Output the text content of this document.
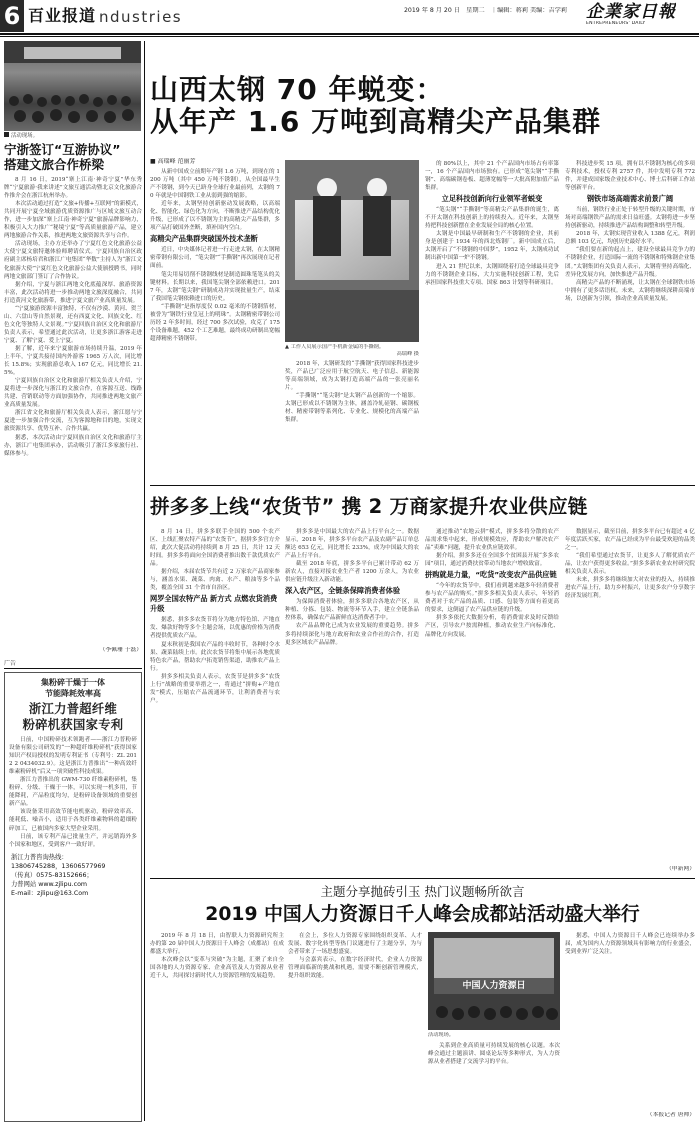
6 百业报道 ndustries	2019 年 8 月 20 日　星期二　｜编辑：蒋莉 美编：吉学莉 企業家日報
ENTREPRENEURS' DAILY
活动现场。
宁浙签订“互游协议”
搭建文旅合作桥梁

8 月 16 日，2019“寨上江南·神奇宁夏”华东秀牌“宁夏旅游·我来讲述”文旅互通活动暨北京文化旅游合作推介会在浙江杭州举办。

本次活动通过打造“文旅+传播+互联网”的新模式，共同开展宁夏全域旅游优质资源推广与区域文旅互动合作，进一步加深“寨上江南·神奇宁夏”旅游品牌影响力，积极引入大力推广“秘境宁夏”等高质量旅游产品，建立两地旅游合作关系，推进两地文旅资源共享与合作。

活动现场，主办方还举办了宁夏红色文化旅游公益大使宁夏文旅特邀体验师聘请仪式。宁夏回族自治区政府副主席杨培君和浙江广电集团“华数”主持人为“浙江文化旅游大使”宁夏红色文化旅游公益大使颁授聘书，同时两地文旅部门签订了合作协议。

据介绍，宁夏与浙江两地文化底蕴深厚、旅游资源丰富，此次活动将进一步推动两地文旅深度融合，共同打造黄河文化旅游带，推进宁夏文旅产业高质量发展。

“宁夏旅游资源丰富独特，不仅有沙漠、黄河、贺兰山、六盘山等自然景观，还有西夏文化、回族文化、红色文化等独特人文景观。”宁夏回族自治区文化和旅游厅负责人表示，希望通过此次活动，让更多浙江游客走进宁夏、了解宁夏、爱上宁夏。

据了解，近年来宁夏旅游市场持续升温，2019 年上半年，宁夏共接待国内外游客 1965 万人次，同比增长 15.8%；实现旅游总收入 167 亿元，同比增长 21.5%。

宁夏回族自治区文化和旅游厅相关负责人介绍，宁夏将进一步深化与浙江的文旅合作，在客源互送、线路共建、营销联动等方面加强协作，共同推进两地文旅产业高质量发展。

浙江省文化和旅游厅相关负责人表示，浙江愿与宁夏进一步加强合作交流，互为客源地和目的地，实现文旅资源共享、优势互补、合作共赢。

据悉，本次活动由宁夏回族自治区文化和旅游厅主办，浙江广电集团承办，活动吸引了浙江多家旅行社、媒体参与。

（李佩珊 于磊）
广告
集粉碎干燥于一体
节能降耗效率高
浙江力普超纤维
粉碎机获国家专利

日前，中国粉碎技术领跑者——浙江力普粉碎设备有限公司研发的“一种超纤维粉碎机”获得国家知识产权局授权的发明专利证书（专利号：ZL 2012 2 0434032.9）。这是浙江力普推出“一种高效纤维素粉碎机”后又一项突破性科技成果。

浙江力普推出的 GWM-730 纤维素粉碎机，集粉碎、分级、干燥于一体，可以实现一机多用，节能降耗，产品粒度均匀，是粉碎设备领域的重要创新产品。

该设备采用高效节能电机驱动，粉碎效率高、能耗低、噪音小，适用于各类纤维素物料的超细粉碎加工，已被国内多家大型企业采用。

日前，该专利产品已批量生产，并远销海外多个国家和地区，受到客户一致好评。

浙江力普咨询热线：
13806745288，13606577969
（传真）0575-83152666；
力普网站 www.zjlipu.com
E-mail：zjlipu@163.Com
山西太钢 70 年蜕变：
从年产 1.6 万吨到高精尖产品集群
■ 高瑞峰 范丽芳

从新中国成立前期年产钢 1.6 万吨，到现在的 1200 万吨（其中 450 万吨不锈钢），从全国最早生产不锈钢，到今天已跻身全球行业最前列，太钢的 70 年就是中国钢铁工业从弱到强的缩影。

近年来，太钢坚持创新驱动发展战略，以高端化、智能化、绿色化为方向，不断推进产品结构优化升级，已形成了以不锈钢为主的高精尖产品集群，多项产品打破国外垄断，填补国内空白。

高精尖产品集群突破国外技术垄断

近日，中央媒体记者进一行走进太钢，在太钢精密带钢有限公司，“笔尖钢”“手撕钢”再次展现在记者面前。

笔尖用易切削不锈钢线材是制造圆珠笔笔头的关键材料。长期以来，我国笔尖钢全部依赖进口。2017 年，太钢“笔尖钢”研制成功并实现批量生产，结束了我国笔尖钢依赖进口的历史。

“手撕钢”是指厚度仅 0.02 毫米的不锈钢箔材，被誉为“钢铁行业皇冠上的明珠”。太钢精密带钢公司历经 2 年多时间，经过 700 多次试验，攻克了 175 个设备难题，452 个工艺难题，最终成功研制出宽幅超薄精密不锈钢带。

▲ 工作人员展示国产手机新金属的手撕钢。
高瑞峰 摄

2018 年，太钢研发的“手撕钢”获得国家科技进步奖，产品已广泛应用于航空航天、电子信息、新能源等高端领域，成为太钢打造高端产品的一张亮丽名片。

“手撕钢”“笔尖钢”是太钢产品创新的一个缩影。太钢已形成以不锈钢为主体，涵盖冷轧硅钢、碳钢板材、精密带钢等系列化、专业化、规模化的高端产品集群。

的 80%以上，其中 21 个产品国内市场占有率第一，16 个产品国内市场独有。已形成“笔尖钢”“手撕钢”、高端碳钢卷板、超薄宽幅等一大批高附加值产品集群。

立足科技创新向行业领军者蜕变

“笔尖钢”“手撕钢”等高精尖产品集群的诞生，离不开太钢在科技创新上的持续投入。近年来，太钢坚持把科技创新摆在企业发展全局的核心位置。

太钢是中国最早研制和生产不锈钢的企业，其前身是创建于 1934 年的西北炼钢厂。新中国成立后，太钢开启了“不锈钢的中国梦”，1952 年，太钢成功试制出新中国第一炉不锈钢。

进入 21 世纪以来，太钢围绕着打造全球最具竞争力的不锈钢企业目标，大力实施科技创新工程，先后承担国家科技重大专项、国家 863 计划等科研项目。

科技进步奖 15 项，拥有以不锈钢为核心的多项专利技术，授权专利 2757 件，其中发明专利 772 件，并建成国家级企业技术中心、博士后科研工作站等创新平台。

钢铁市场高端需求前景广阔

当前，钢铁行业正处于转型升级的关键时期，市场对高端钢铁产品的需求日益旺盛。太钢将进一步坚持创新驱动，持续推进产品结构调整和转型升级。

2018 年，太钢实现营业收入 1388 亿元，利润总额 103 亿元，均创历史最好水平。

“我们要在新的起点上，建设全球最具竞争力的不锈钢企业，打造国际一流的不锈钢和特殊钢企业集团。”太钢集团有关负责人表示，太钢将坚持高端化、差异化发展方向，加快推进产品升级。

高精尖产品的不断涌现，让太钢在全球钢铁市场中拥有了更多话语权。未来，太钢将继续深耕高端市场，以创新为引领，推动企业高质量发展。

拼多多上线“农货节” 携 2 万商家提升农业供应链

8 月 14 日，拼多多联手全国的 500 个农产区、上线汇聚农特产品的“农货节”。据拼多多官方介绍，此次大促活动将持续到 8 月 25 日，共计 12 天时间。拼多多将面向全国消费者推出数千款优质农产品。

据介绍，本届农货节共有近 2 万家农产品商家参与，涵盖水果、蔬菜、肉禽、水产、粮油等多个品类，覆盖全国 31 个省市自治区。

网罗全国农特产品 新方式 点燃农货消费升级

据悉，拼多多农货节将分为地方特色馆、产地直发、爆款好物等多个主题会场，以优惠的价格为消费者提供优质农产品。

夏末秋初是我国农产品的丰收时节，各种时令水果、蔬菜陆续上市。此次农货节将集中展示各地优质特色农产品，帮助农户拓宽销售渠道，助推农产品上行。

拼多多相关负责人表示，农货节是拼多多“农货上行”战略的重要举措之一，将通过“拼购+产地直发”模式，压缩农产品流通环节，让利消费者与农户。

拼多多是中国最大的农产品上行平台之一。数据显示，2018 年，拼多多平台农产品及农副产品订单总额达 653 亿元，同比增长 233%，成为中国最大的农产品上行平台。

截至 2018 年底，拼多多平台已累计带动 62 万新农人，直接对接农业生产者 1200 万余人，为农业供应链升级注入新动能。

深入农产区，全链条保障消费者体验

为保障消费者体验，拼多多联合各地农产区，从种植、分拣、包装、物流等环节入手，建立全链条品控体系，确保农产品新鲜直达消费者手中。

农产品品牌化已成为农业发展的重要趋势。拼多多将持续深化与地方政府和农业合作社的合作，打造更多区域农产品品牌。

通过推动“农地云拼”模式，拼多多将分散的农产品需求集中起来，形成规模效应，帮助农户解决农产品“卖难”问题，提升农业供应链效率。

据介绍，拼多多还在全国多个贫困县开展“多多农园”项目，通过消费扶贫带动当地农户增收致富。

拼购就是力量，“吃货”改变农产品供应链

“今年的农货节中，我们看到越来越多年轻消费者参与农产品的购买。”拼多多相关负责人表示，年轻消费者对于农产品的品质、口感、包装等方面有着更高的要求，这倒逼了农产品供应链的升级。

拼多多依托大数据分析，将消费需求及时反馈给产区，引导农户按需种植，推动农业生产向标准化、品牌化方向发展。

数据显示，截至目前，拼多多平台已有超过 4 亿年度活跃买家，农产品已经成为平台最受欢迎的品类之一。

“我们希望通过农货节，让更多人了解优质农产品，让农户获得更多收益。”拼多多新农业农村研究院相关负责人表示。

未来，拼多多将继续加大对农业的投入，持续推进农产品上行，助力乡村振兴，让更多农户分享数字经济发展红利。

（申新网）
主题分享抛砖引玉 热门议题畅所欲言
2019 中国人力资源日千人峰会成都站活动盛大举行

2019 年 8 月 18 日，由智联人力资源研究所主办的第 20 届中国人力资源日千人峰会（成都站）在成都盛大举行。

本次峰会以“变革与突破”为主题，汇聚了来自全国各地的人力资源专家、企业高管及人力资源从业者近千人，共同探讨新时代人力资源管理的发展趋势。

在会上，多位人力资源专家围绕组织变革、人才发展、数字化转型等热门议题进行了主题分享，为与会者带来了一场思想盛宴。

与会嘉宾表示，在数字经济时代，企业人力资源管理面临新的挑战和机遇，需要不断创新管理模式，提升组织效能。

中国人力资源日
活动现场。

关系到企业高质量可持续发展的核心议题。本次峰会通过主题演讲、圆桌论坛等多种形式，为人力资源从业者搭建了交流学习的平台。

据悉，中国人力资源日千人峰会已连续举办多届，成为国内人力资源领域具有影响力的行业盛会，受到业界广泛关注。

（本报记者 唐帅）
